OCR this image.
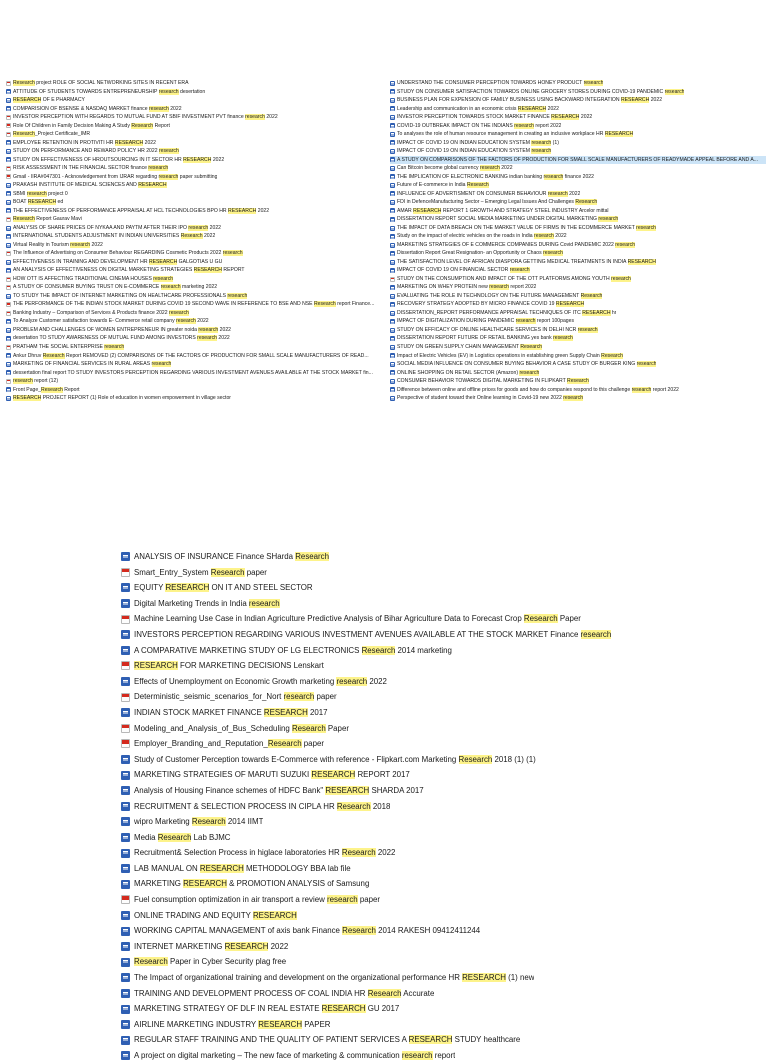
Research project ROLE OF SOCIAL NETWORKING SITES IN RECENT ERA
ATTITUDE OF STUDENTS TOWARDS ENTREPRENEURSHIP research desertation
RESEARCH OF E PHARMACY
COMPARISION OF BSENSE & NASDAQ MARKET finance research 2022
INVESTOR PERCEPTION WITH REGARDS TO MUTUAL FUND AT SBIF INVESTMENT PVT finance research 2022
Role Of Children in Family Decision Making A Study Research Report
Research_Project Certificate_IMR
EMPLOYEE RETENTION IN PROTIVITI HR RESEARCH 2022
STUDY ON PERFORMANCE AND REWARD POLICY HR 2022 research
STUDY ON EFFECTIVENESS OF HROUTSOURCING IN IT SECTOR HR RESEARCH 2022
RISK ASSESSMENT IN THE FINANCIAL SECTOR finance research
Gmail - IIRA#047301 - Acknowledgement from IJRAR regarding research paper submitting
PRAKASH INSTITUTE OF MEDICAL SCIENCES AND RESEARCH
SBMI research project 0
BOAT RESEARCH ed
THE EFFECTIVENESS OF PERFORMANCE APPRAISAL AT HCL TECHNOLOGIES BPO HR RESEARCH 2022
Research Report Gaurav Mavi
ANALYSIS OF SHARE PRICES OF NYKAA AND PAYTM AFTER THEIR IPO research 2022
INTERNATIONAL STUDENTS ADJUSTMENT IN INDIAN UNIVERSITIES Research 2022
Virtual Reality in Tourism research 2022
The Influence of Advertising on Consumer Behaviour REGARDING Cosmetic Products 2022 research
EFFECTIVENESS IN TRAINING AND DEVELOPMENT HR RESEARCH GALGOTIAS U GU
AN ANALYSIS OF EFFECTIVENESS ON DIGITAL MARKETING STRATEGIES RESEARCH REPORT
HOW OTT IS AFFECTING TRADITIONAL CINEMA HOUSES research
A STUDY OF CONSUMER BUYING TRUST ON E-COMMERCE research marketing 2022
TO STUDY THE IMPACT OF INTERNET MARKETING ON HEALTHCARE PROFESSIONALS research
THE PERFORMANCE OF THE INDIAN STOCK MARKET DURING COVID 19 SECOND WAVE IN REFERENCE TO BSE AND NSE Research report Finance...
Banking Industry – Comparison of Services & Products finance 2022 research
To Analyze Customer satisfaction towards E- Commerce retail company research 2022
PROBLEM AND CHALLENGES OF WOMEN ENTREPRENEUR IN greater noida research 2022
desertation TO STUDY AWARENESS OF MUTUAL FUND AMONG INVESTORS research 2022
PRATHAM THE SOCIAL ENTERPRISE research
Ankur Dhruv Research Report REMOVED (2) COMPARISONS OF THE FACTORS OF PRODUCTION FOR SMALL SCALE MANUFACTURERS OF READ...
MARKETING OF FINANCIAL SERVICES IN RURAL AREAS research
dessertation final report TO STUDY INVESTORS PERCEPTION REGARDING VARIOUS INVESTMENT AVENUES AVAILABLE AT THE STOCK MARKET fin...
research report (12)
Front Page_Research Report
RESEARCH PROJECT REPORT (1) Role of education in women empowerment in village sector
UNDERSTAND THE CONSUMER PERCEPTION TOWARDS HONEY PRODUCT research
STUDY ON CONSUMER SATISFACTION TOWARDS ONLINE GROCERY STORES DURING COVID-19 PANDEMIC research
BUSINESS PLAN FOR EXPENSION OF FAMILY BUSINESS USING BACKWARD INTEGRATION RESEARCH 2022
Leadership and communication in an economic crisis RESEARCH 2022
INVESTOR PERCEPTION TOWARDS STOCK MARKET FINANCE RESEARCH 2022
COVID-19 OUTBREAK IMPACT ON THE INDIANS research report 2022
To analyses the role of human resource management in creating an inclusive workplace HR RESEARCH
IMPACT OF COVID 19 ON INDIAN EDUCATION SYSTEM research (1)
IMPACT OF COVID 19 ON INDIAN EDUCATION SYSTEM research
A STUDY ON COMPARISONS OF THE FACTORS OF PRODUCTION FOR SMALL SCALE MANUFACTURERS OF READYMADE APPEAL BEFORE AND A...
Can Bitcoin become global currency research 2022
THE IMPLICATION OF ELECTRONIC BANKING indian banking research finance 2022
Future of E-commerce in India Research
INFLUENCE OF ADVERTISMENT ON CONSUMER BEHAVIOUR research 2022
FDI in DefenceManufacturing Sector – Emerging Legal Issues And Challenges Research
AMAR RESEARCH REPORT 1 GROWTH AND STRATEGY STEEL INDUSTRY Arcelor mittal
DISSERTATION REPORT SOCIAL MEDIA MARKETING UNDER DIGITAL MARKETING research
THE IMPACT OF DATA BREACH ON THE MARKET VALUE OF FIRMS IN THE ECOMMERCE MARKET research
Study on the impact of electric vehicles on the roads in India research 2022
MARKETING STRATEGIES OF E COMMERCE COMPANIES DURING Covid PANDEMIC 2022 research
Dissertation Report Great Resignation- an Opportunity or Chaos research
THE SATISFACTION LEVEL OF AFRICAN DIASPORA GETTING MEDICAL TREATMENTS IN INDIA RESEARCH
IMPACT OF COVID 19 ON FINANCIAL SECTOR research
STUDY ON THE CONSUMPTION AND IMPACT OF THE OTT PLATFORMS AMONG YOUTH research
MARKETING ON WHEY PROTEIN new research report 2022
EVALUATING THE ROLE IN TECHNOLOGY ON THE FUTURE MANAGEMENT Research
RECOVERY STRATEGY ADOPTED BY MICRO FINANCE COVID 19 RESEARCH
DISSERTATION_REPORT PERFORMANCE APPRAISAL TECHNIQUES OF ITC RESEARCH hr
IMPACT OF DIGITALIZATION DURING PANDEMIC research report 100pages
STUDY ON EFFICACY OF ONLINE HEALTHCARE SERVICES IN DELHI NCR research
DISSERTATION REPORT FUTURE OF RETAIL BANKING yes bank research
STUDY ON GREEN SUPPLY CHAIN MANAGEMENT Research
Impact of Electric Vehicles (EV) in Logistics operations in establishing green Supply Chain Research
SOCIAL MEDIA INFLUENCE ON CONSUMER BUYING BEHAVIOR A CASE STUDY OF BURGER KING research
ONLINE SHOPPING ON RETAIL SECTOR (Amazon) research
CONSUMER BEHAVIOR TOWARDS DIGITAL MARKETING IN FLIPKART Research
Difference between online and offline prices for goods and how do companies respond to this challenge research report 2022
Perspective of student toward their Online learning in Covid-19 new 2022 research
ANALYSIS OF INSURANCE Finance SHarda Research
Smart_Entry_System Research paper
EQUITY RESEARCH ON IT AND STEEL SECTOR
Digital Marketing Trends in India research
Machine Learning Use Case in Indian Agriculture Predictive Analysis of Bihar Agriculture Data to Forecast Crop Research Paper
INVESTORS PERCEPTION REGARDING VARIOUS INVESTMENT AVENUES AVAILABLE AT THE STOCK MARKET Finance research
A COMPARATIVE MARKETING STUDY OF LG ELECTRONICS Research 2014 marketing
RESEARCH FOR MARKETING DECISIONS Lenskart
Effects of Unemployment on Economic Growth marketing research 2022
Deterministic_seismic_scenarios_for_Nort research paper
INDIAN STOCK MARKET FINANCE RESEARCH 2017
Modeling_and_Analysis_of_Bus_Scheduling Research Paper
Employer_Branding_and_Reputation_Research paper
Study of Customer Perception towards E-Commerce with reference - Flipkart.com Marketing Research 2018 (1) (1)
MARKETING STRATEGIES OF MARUTI SUZUKI RESEARCH REPORT 2017
Analysis of Housing Finance schemes of HDFC Bank" RESEARCH SHARDA 2017
RECRUITMENT & SELECTION PROCESS IN CIPLA HR Research 2018
wipro Marketing Research 2014 IIMT
Media Research Lab BJMC
Recruitment& Selection Process in higlace laboratories HR Research 2022
LAB MANUAL ON RESEARCH METHODOLOGY BBA lab file
MARKETING RESEARCH & PROMOTION ANALYSIS of Samsung
Fuel consumption optimization in air transport a review research paper
ONLINE TRADING AND EQUITY RESEARCH
WORKING CAPITAL MANAGEMENT of axis bank Finance Research 2014 RAKESH 09412411244
INTERNET MARKETING RESEARCH 2022
Research Paper in Cyber Security plag free
The Impact of organizational training and development on the organizational performance HR RESEARCH (1) new
TRAINING AND DEVELOPMENT PROCESS OF COAL INDIA HR Research Accurate
MARKETING STRATEGY OF DLF IN REAL ESTATE RESEARCH GU 2017
AIRLINE MARKETING INDUSTRY RESEARCH PAPER
REGULAR STAFF TRAINING AND THE QUALITY OF PATIENT SERVICES A RESEARCH STUDY healthcare
A project on digital marketing – The new face of marketing & communication research report
